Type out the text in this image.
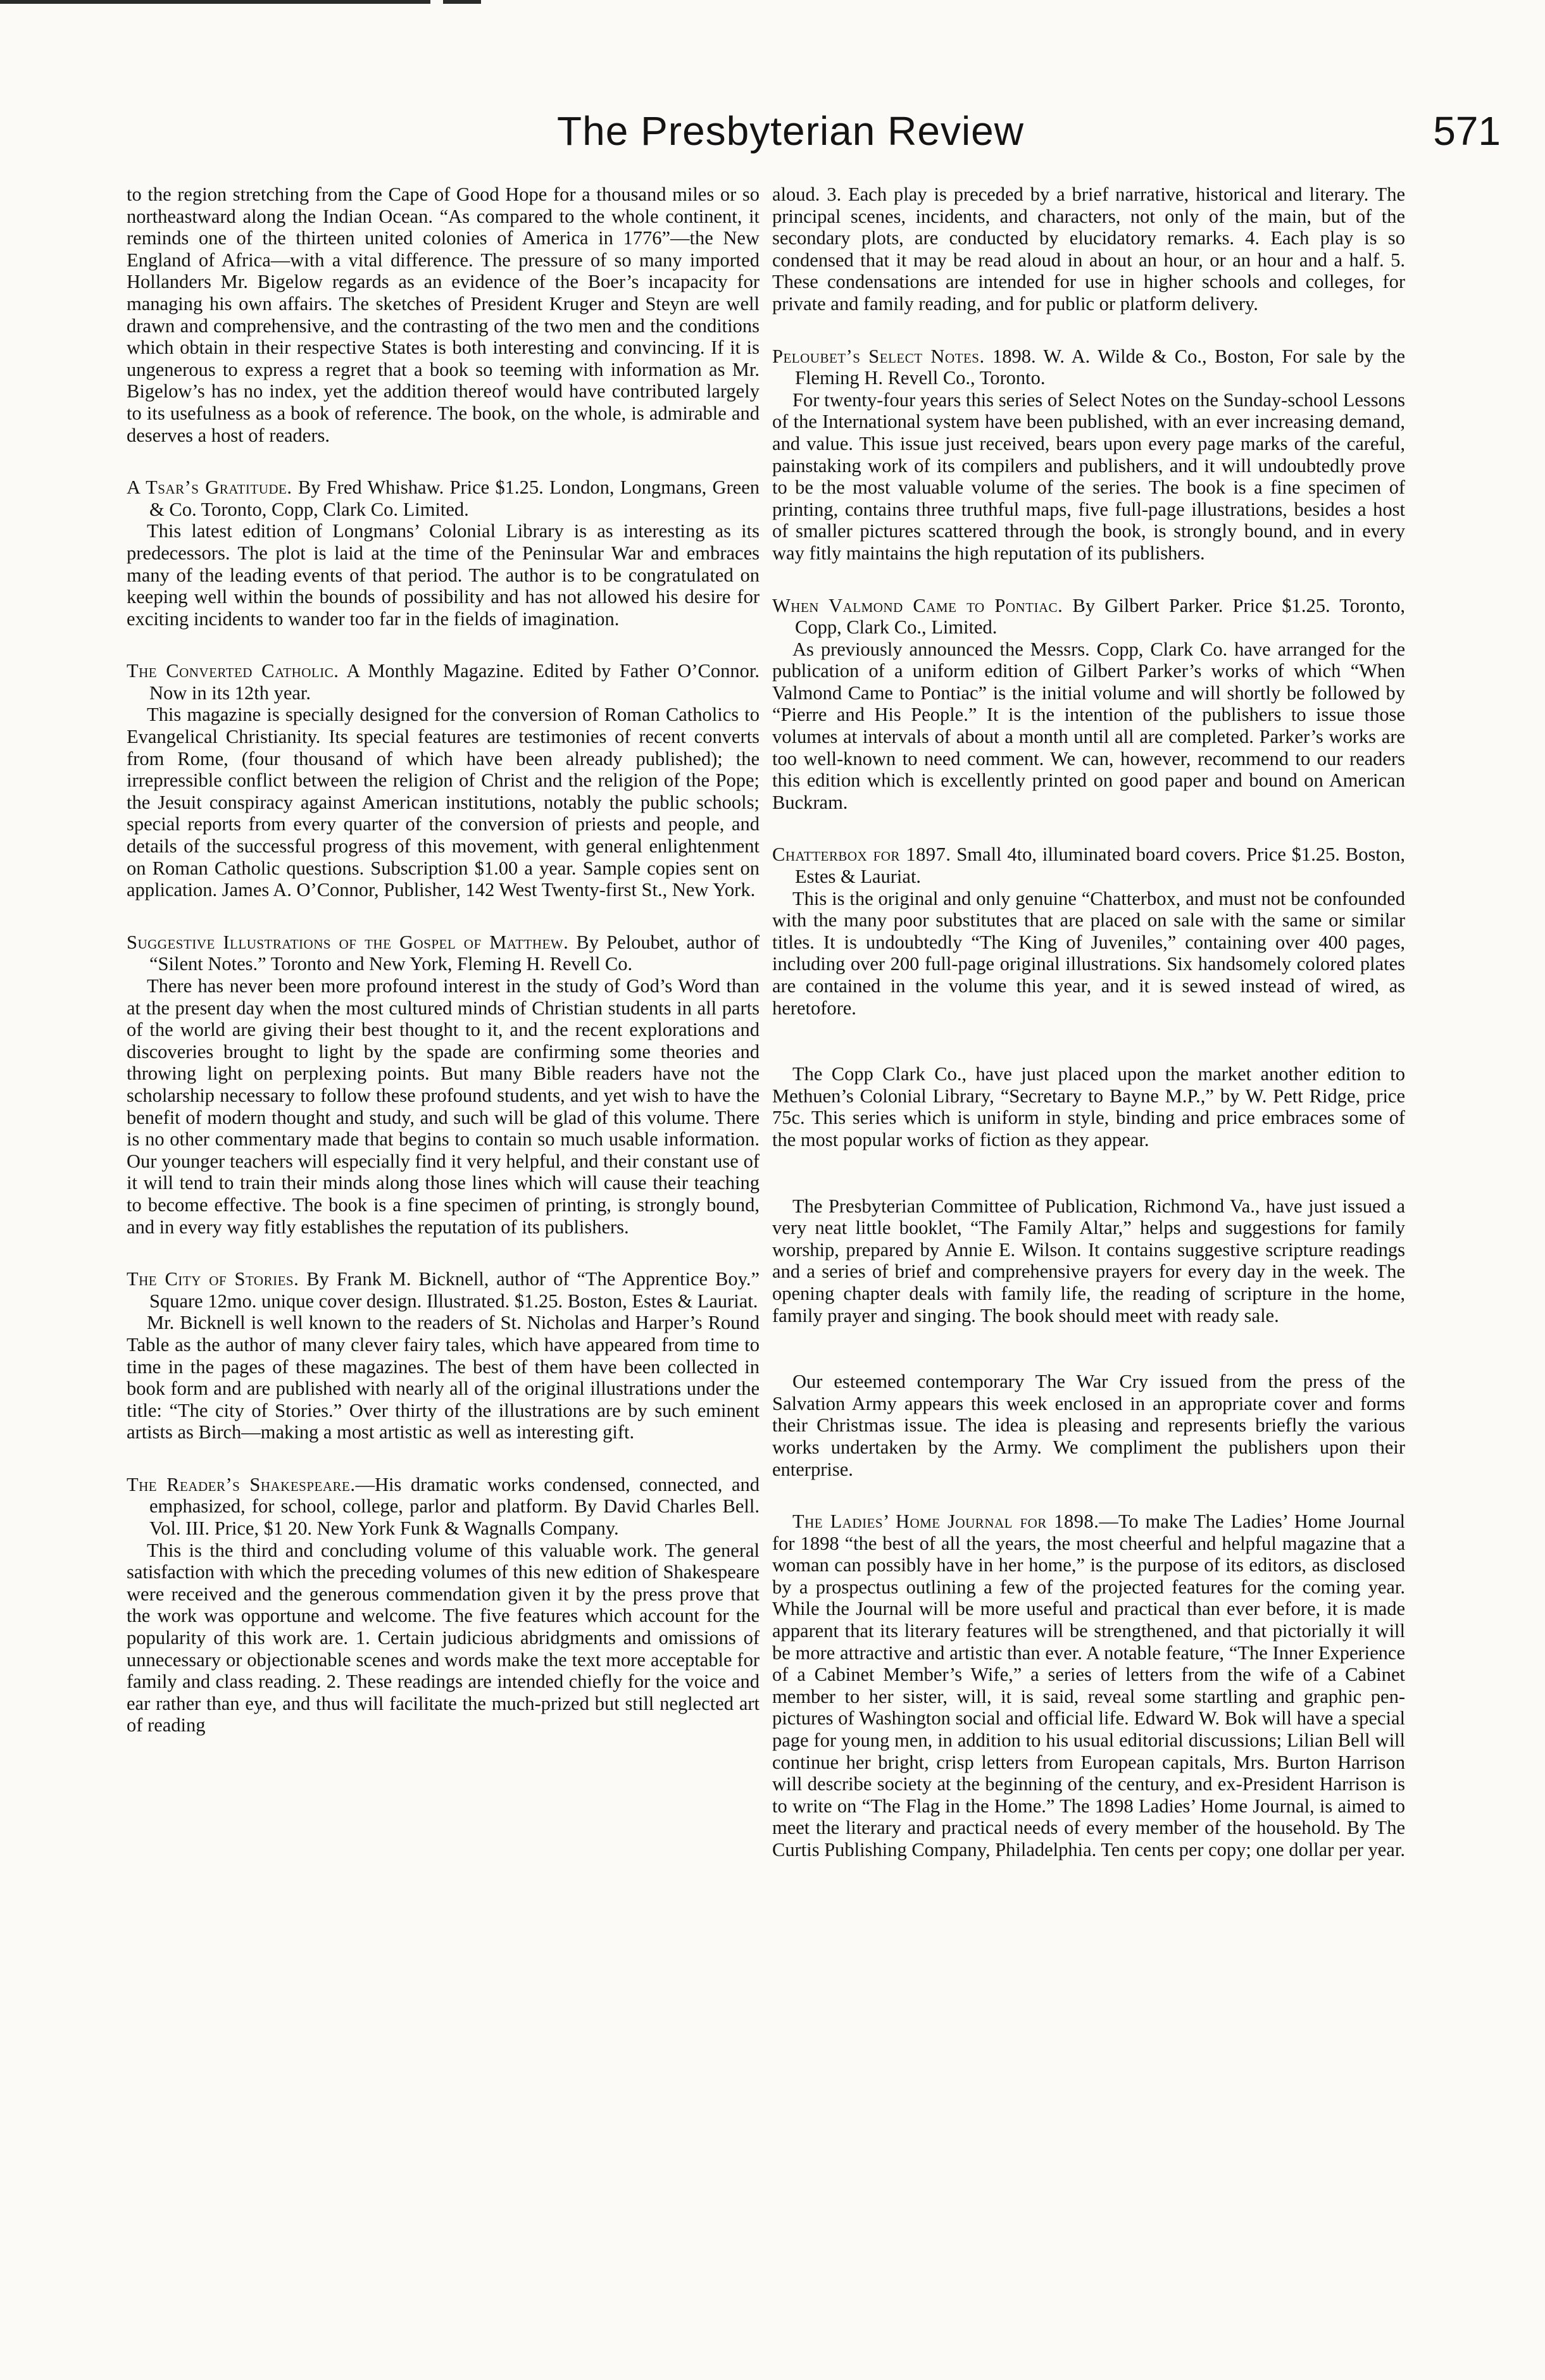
The Presbyterian Review	571

to the region stretching from the Cape of Good Hope for a thousand miles or so northeastward along the Indian Ocean. “As compared to the whole continent, it reminds one of the thirteen united colonies of America in 1776”—the New England of Africa—with a vital difference. The pressure of so many imported Hollanders Mr. Bigelow regards as an evidence of the Boer’s incapacity for managing his own affairs. The sketches of President Kruger and Steyn are well drawn and comprehensive, and the contrasting of the two men and the conditions which obtain in their respective States is both interesting and convincing. If it is ungenerous to express a regret that a book so teeming with information as Mr. Bigelow’s has no index, yet the addition thereof would have contributed largely to its usefulness as a book of reference. The book, on the whole, is admirable and deserves a host of readers.

A Tsar’s Gratitude. By Fred Whishaw. Price $1.25. London, Longmans, Green & Co. Toronto, Copp, Clark Co. Limited.

This latest edition of Longmans’ Colonial Library is as interesting as its predecessors. The plot is laid at the time of the Peninsular War and embraces many of the leading events of that period. The author is to be congratulated on keeping well within the bounds of possibility and has not allowed his desire for exciting incidents to wander too far in the fields of imagination.

The Converted Catholic. A Monthly Magazine. Edited by Father O’Connor. Now in its 12th year.

This magazine is specially designed for the conversion of Roman Catholics to Evangelical Christianity. Its special features are testimonies of recent converts from Rome, (four thousand of which have been already published); the irrepressible conflict between the religion of Christ and the religion of the Pope; the Jesuit conspiracy against American institutions, notably the public schools; special reports from every quarter of the conversion of priests and people, and details of the successful progress of this movement, with general enlightenment on Roman Catholic questions. Subscription $1.00 a year. Sample copies sent on application. James A. O’Connor, Publisher, 142 West Twenty-first St., New York.

Suggestive Illustrations of the Gospel of Matthew. By Peloubet, author of “Silent Notes.” Toronto and New York, Fleming H. Revell Co.

There has never been more profound interest in the study of God’s Word than at the present day when the most cultured minds of Christian students in all parts of the world are giving their best thought to it, and the recent explorations and discoveries brought to light by the spade are confirming some theories and throwing light on perplexing points. But many Bible readers have not the scholarship necessary to follow these profound students, and yet wish to have the benefit of modern thought and study, and such will be glad of this volume. There is no other commentary made that begins to contain so much usable information. Our younger teachers will especially find it very helpful, and their constant use of it will tend to train their minds along those lines which will cause their teaching to become effective. The book is a fine specimen of printing, is strongly bound, and in every way fitly establishes the reputation of its publishers.

The City of Stories. By Frank M. Bicknell, author of “The Apprentice Boy.” Square 12mo. unique cover design. Illustrated. $1.25. Boston, Estes & Lauriat.

Mr. Bicknell is well known to the readers of St. Nicholas and Harper’s Round Table as the author of many clever fairy tales, which have appeared from time to time in the pages of these magazines. The best of them have been collected in book form and are published with nearly all of the original illustrations under the title: “The city of Stories.” Over thirty of the illustrations are by such eminent artists as Birch—making a most artistic as well as interesting gift.

The Reader’s Shakespeare.—His dramatic works condensed, connected, and emphasized, for school, college, parlor and platform. By David Charles Bell. Vol. III. Price, $1 20. New York Funk & Wagnalls Company.

This is the third and concluding volume of this valuable work. The general satisfaction with which the preceding volumes of this new edition of Shakespeare were received and the generous commendation given it by the press prove that the work was opportune and welcome. The five features which account for the popularity of this work are. 1. Certain judicious abridgments and omissions of unnecessary or objectionable scenes and words make the text more acceptable for family and class reading. 2. These readings are intended chiefly for the voice and ear rather than eye, and thus will facilitate the much-prized but still neglected art of reading

aloud. 3. Each play is preceded by a brief narrative, historical and literary. The principal scenes, incidents, and characters, not only of the main, but of the secondary plots, are conducted by elucidatory remarks. 4. Each play is so condensed that it may be read aloud in about an hour, or an hour and a half. 5. These condensations are intended for use in higher schools and colleges, for private and family reading, and for public or platform delivery.

Peloubet’s Select Notes. 1898. W. A. Wilde & Co., Boston, For sale by the Fleming H. Revell Co., Toronto.

For twenty-four years this series of Select Notes on the Sunday-school Lessons of the International system have been published, with an ever increasing demand, and value. This issue just received, bears upon every page marks of the careful, painstaking work of its compilers and publishers, and it will undoubtedly prove to be the most valuable volume of the series. The book is a fine specimen of printing, contains three truthful maps, five full-page illustrations, besides a host of smaller pictures scattered through the book, is strongly bound, and in every way fitly maintains the high reputation of its publishers.

When Valmond Came to Pontiac. By Gilbert Parker. Price $1.25. Toronto, Copp, Clark Co., Limited.

As previously announced the Messrs. Copp, Clark Co. have arranged for the publication of a uniform edition of Gilbert Parker’s works of which “When Valmond Came to Pontiac” is the initial volume and will shortly be followed by “Pierre and His People.” It is the intention of the publishers to issue those volumes at intervals of about a month until all are completed. Parker’s works are too well-known to need comment. We can, however, recommend to our readers this edition which is excellently printed on good paper and bound on American Buckram.

Chatterbox for 1897. Small 4to, illuminated board covers. Price $1.25. Boston, Estes & Lauriat.

This is the original and only genuine “Chatterbox, and must not be confounded with the many poor substitutes that are placed on sale with the same or similar titles. It is undoubtedly “The King of Juveniles,” containing over 400 pages, including over 200 full-page original illustrations. Six handsomely colored plates are contained in the volume this year, and it is sewed instead of wired, as heretofore.

The Copp Clark Co., have just placed upon the market another edition to Methuen’s Colonial Library, “Secretary to Bayne M.P.,” by W. Pett Ridge, price 75c. This series which is uniform in style, binding and price embraces some of the most popular works of fiction as they appear.

The Presbyterian Committee of Publication, Richmond Va., have just issued a very neat little booklet, “The Family Altar,” helps and suggestions for family worship, prepared by Annie E. Wilson. It contains suggestive scripture readings and a series of brief and comprehensive prayers for every day in the week. The opening chapter deals with family life, the reading of scripture in the home, family prayer and singing. The book should meet with ready sale.

Our esteemed contemporary The War Cry issued from the press of the Salvation Army appears this week enclosed in an appropriate cover and forms their Christmas issue. The idea is pleasing and represents briefly the various works undertaken by the Army. We compliment the publishers upon their enterprise.

The Ladies’ Home Journal for 1898.—To make The Ladies’ Home Journal for 1898 “the best of all the years, the most cheerful and helpful magazine that a woman can possibly have in her home,” is the purpose of its editors, as disclosed by a prospectus outlining a few of the projected features for the coming year. While the Journal will be more useful and practical than ever before, it is made apparent that its literary features will be strengthened, and that pictorially it will be more attractive and artistic than ever. A notable feature, “The Inner Experience of a Cabinet Member’s Wife,” a series of letters from the wife of a Cabinet member to her sister, will, it is said, reveal some startling and graphic pen-pictures of Washington social and official life. Edward W. Bok will have a special page for young men, in addition to his usual editorial discussions; Lilian Bell will continue her bright, crisp letters from European capitals, Mrs. Burton Harrison will describe society at the beginning of the century, and ex-President Harrison is to write on “The Flag in the Home.” The 1898 Ladies’ Home Journal, is aimed to meet the literary and practical needs of every member of the household. By The Curtis Publishing Company, Philadelphia. Ten cents per copy; one dollar per year.
